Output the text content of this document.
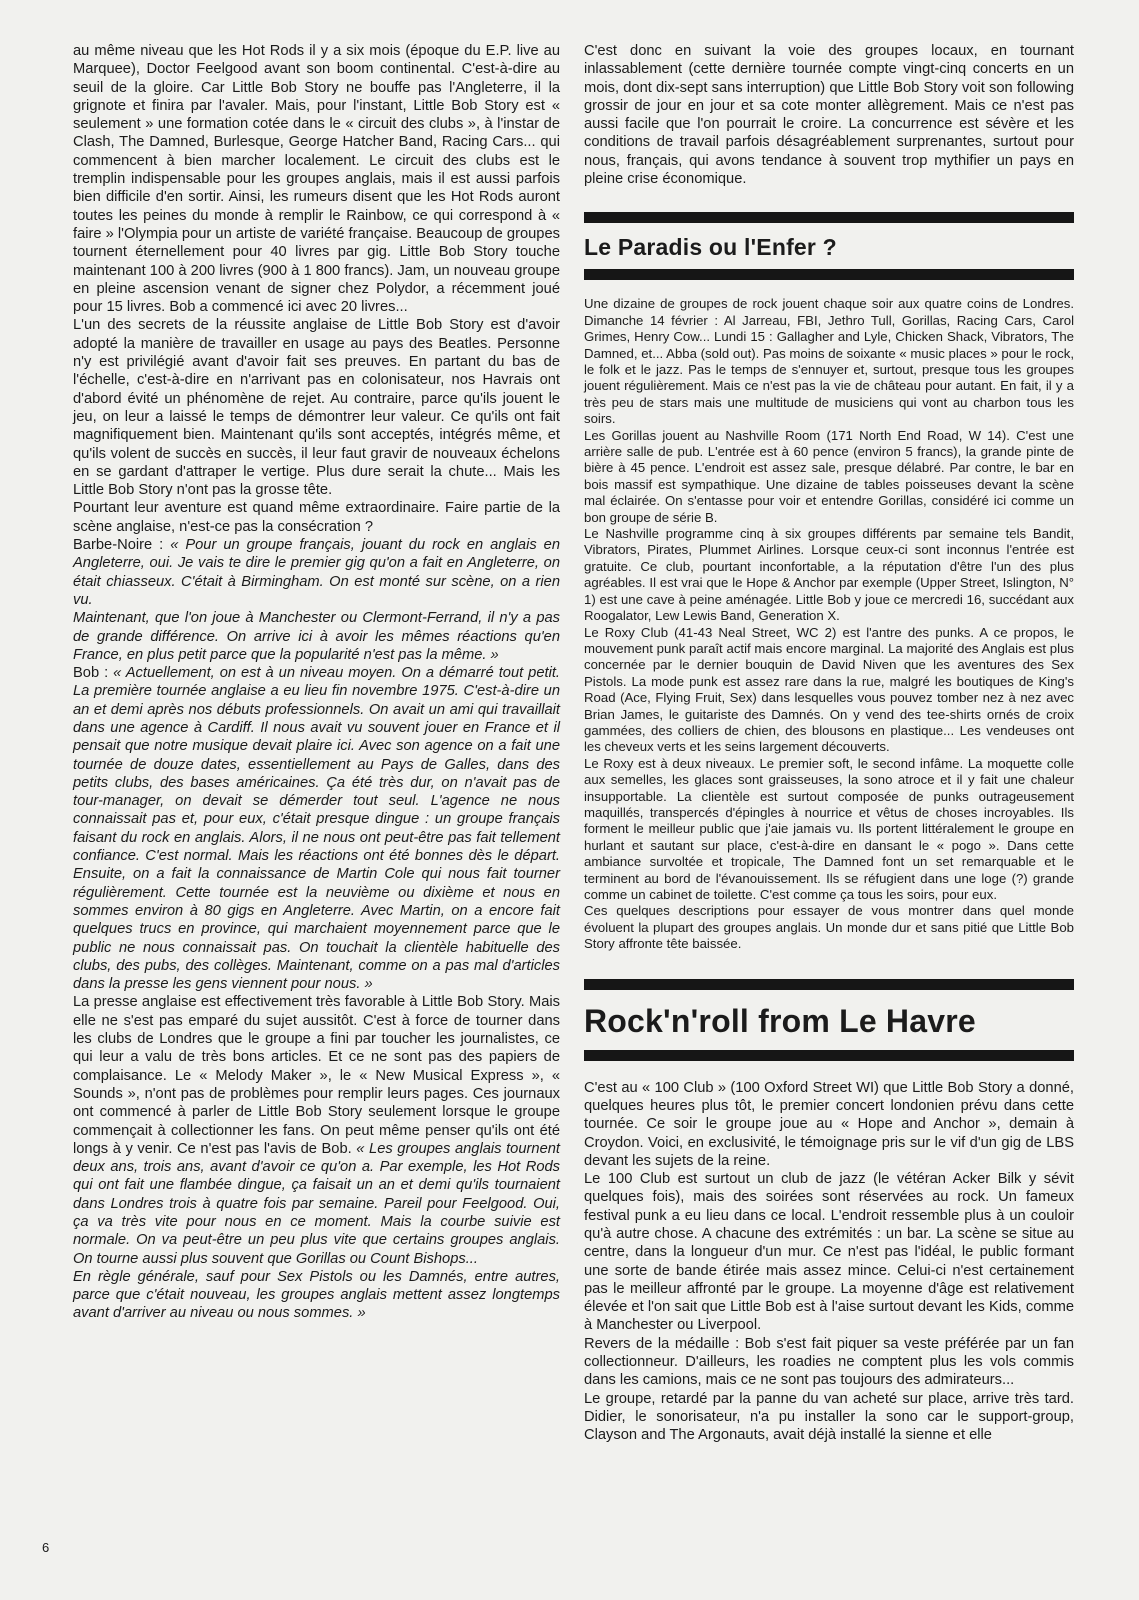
au même niveau que les Hot Rods il y a six mois (époque du E.P. live au Marquee), Doctor Feelgood avant son boom continental. C'est-à-dire au seuil de la gloire. Car Little Bob Story ne bouffe pas l'Angleterre, il la grignote et finira par l'avaler. Mais, pour l'instant, Little Bob Story est « seulement » une formation cotée dans le « circuit des clubs », à l'instar de Clash, The Damned, Burlesque, George Hatcher Band, Racing Cars... qui commencent à bien marcher localement. Le circuit des clubs est le tremplin indispensable pour les groupes anglais, mais il est aussi parfois bien difficile d'en sortir. Ainsi, les rumeurs disent que les Hot Rods auront toutes les peines du monde à remplir le Rainbow, ce qui correspond à « faire » l'Olympia pour un artiste de variété française. Beaucoup de groupes tournent éternellement pour 40 livres par gig. Little Bob Story touche maintenant 100 à 200 livres (900 à 1 800 francs). Jam, un nouveau groupe en pleine ascension venant de signer chez Polydor, a récemment joué pour 15 livres. Bob a commencé ici avec 20 livres...

L'un des secrets de la réussite anglaise de Little Bob Story est d'avoir adopté la manière de travailler en usage au pays des Beatles. Personne n'y est privilégié avant d'avoir fait ses preuves. En partant du bas de l'échelle, c'est-à-dire en n'arrivant pas en colonisateur, nos Havrais ont d'abord évité un phénomène de rejet. Au contraire, parce qu'ils jouent le jeu, on leur a laissé le temps de démontrer leur valeur. Ce qu'ils ont fait magnifiquement bien. Maintenant qu'ils sont acceptés, intégrés même, et qu'ils volent de succès en succès, il leur faut gravir de nouveaux échelons en se gardant d'attraper le vertige. Plus dure serait la chute... Mais les Little Bob Story n'ont pas la grosse tête.

Pourtant leur aventure est quand même extraordinaire. Faire partie de la scène anglaise, n'est-ce pas la consécration ?

Barbe-Noire : « Pour un groupe français, jouant du rock en anglais en Angleterre, oui. Je vais te dire le premier gig qu'on a fait en Angleterre, on était chiasseux. C'était à Birmingham. On est monté sur scène, on a rien vu.

Maintenant, que l'on joue à Manchester ou Clermont-Ferrand, il n'y a pas de grande différence. On arrive ici à avoir les mêmes réactions qu'en France, en plus petit parce que la popularité n'est pas la même. »

Bob : « Actuellement, on est à un niveau moyen. On a démarré tout petit. La première tournée anglaise a eu lieu fin novembre 1975. C'est-à-dire un an et demi après nos débuts professionnels. On avait un ami qui travaillait dans une agence à Cardiff. Il nous avait vu souvent jouer en France et il pensait que notre musique devait plaire ici. Avec son agence on a fait une tournée de douze dates, essentiellement au Pays de Galles, dans des petits clubs, des bases américaines. Ça été très dur, on n'avait pas de tour-manager, on devait se démerder tout seul. L'agence ne nous connaissait pas et, pour eux, c'était presque dingue : un groupe français faisant du rock en anglais. Alors, il ne nous ont peut-être pas fait tellement confiance. C'est normal. Mais les réactions ont été bonnes dès le départ. Ensuite, on a fait la connaissance de Martin Cole qui nous fait tourner régulièrement. Cette tournée est la neuvième ou dixième et nous en sommes environ à 80 gigs en Angleterre. Avec Martin, on a encore fait quelques trucs en province, qui marchaient moyennement parce que le public ne nous connaissait pas. On touchait la clientèle habituelle des clubs, des pubs, des collèges. Maintenant, comme on a pas mal d'articles dans la presse les gens viennent pour nous. »

La presse anglaise est effectivement très favorable à Little Bob Story. Mais elle ne s'est pas emparé du sujet aussitôt. C'est à force de tourner dans les clubs de Londres que le groupe a fini par toucher les journalistes, ce qui leur a valu de très bons articles. Et ce ne sont pas des papiers de complaisance. Le « Melody Maker », le « New Musical Express », « Sounds », n'ont pas de problèmes pour remplir leurs pages. Ces journaux ont commencé à parler de Little Bob Story seulement lorsque le groupe commençait à collectionner les fans. On peut même penser qu'ils ont été longs à y venir. Ce n'est pas l'avis de Bob. « Les groupes anglais tournent deux ans, trois ans, avant d'avoir ce qu'on a. Par exemple, les Hot Rods qui ont fait une flambée dingue, ça faisait un an et demi qu'ils tournaient dans Londres trois à quatre fois par semaine. Pareil pour Feelgood. Oui, ça va très vite pour nous en ce moment. Mais la courbe suivie est normale. On va peut-être un peu plus vite que certains groupes anglais. On tourne aussi plus souvent que Gorillas ou Count Bishops...

En règle générale, sauf pour Sex Pistols ou les Damnés, entre autres, parce que c'était nouveau, les groupes anglais mettent assez longtemps avant d'arriver au niveau ou nous sommes. »

C'est donc en suivant la voie des groupes locaux, en tournant inlassablement (cette dernière tournée compte vingt-cinq concerts en un mois, dont dix-sept sans interruption) que Little Bob Story voit son following grossir de jour en jour et sa cote monter allègrement. Mais ce n'est pas aussi facile que l'on pourrait le croire. La concurrence est sévère et les conditions de travail parfois désagréablement surprenantes, surtout pour nous, français, qui avons tendance à souvent trop mythifier un pays en pleine crise économique.

Le Paradis ou l'Enfer ?

Une dizaine de groupes de rock jouent chaque soir aux quatre coins de Londres. Dimanche 14 février : Al Jarreau, FBI, Jethro Tull, Gorillas, Racing Cars, Carol Grimes, Henry Cow... Lundi 15 : Gallagher and Lyle, Chicken Shack, Vibrators, The Damned, et... Abba (sold out). Pas moins de soixante « music places » pour le rock, le folk et le jazz. Pas le temps de s'ennuyer et, surtout, presque tous les groupes jouent régulièrement. Mais ce n'est pas la vie de château pour autant. En fait, il y a très peu de stars mais une multitude de musiciens qui vont au charbon tous les soirs.

Les Gorillas jouent au Nashville Room (171 North End Road, W 14). C'est une arrière salle de pub. L'entrée est à 60 pence (environ 5 francs), la grande pinte de bière à 45 pence. L'endroit est assez sale, presque délabré. Par contre, le bar en bois massif est sympathique. Une dizaine de tables poisseuses devant la scène mal éclairée. On s'entasse pour voir et entendre Gorillas, considéré ici comme un bon groupe de série B.

Le Nashville programme cinq à six groupes différents par semaine tels Bandit, Vibrators, Pirates, Plummet Airlines. Lorsque ceux-ci sont inconnus l'entrée est gratuite. Ce club, pourtant inconfortable, a la réputation d'être l'un des plus agréables. Il est vrai que le Hope & Anchor par exemple (Upper Street, Islington, N° 1) est une cave à peine aménagée. Little Bob y joue ce mercredi 16, succédant aux Roogalator, Lew Lewis Band, Generation X.

Le Roxy Club (41-43 Neal Street, WC 2) est l'antre des punks. A ce propos, le mouvement punk paraît actif mais encore marginal. La majorité des Anglais est plus concernée par le dernier bouquin de David Niven que les aventures des Sex Pistols. La mode punk est assez rare dans la rue, malgré les boutiques de King's Road (Ace, Flying Fruit, Sex) dans lesquelles vous pouvez tomber nez à nez avec Brian James, le guitariste des Damnés. On y vend des tee-shirts ornés de croix gammées, des colliers de chien, des blousons en plastique... Les vendeuses ont les cheveux verts et les seins largement découverts.

Le Roxy est à deux niveaux. Le premier soft, le second infâme. La moquette colle aux semelles, les glaces sont graisseuses, la sono atroce et il y fait une chaleur insupportable. La clientèle est surtout composée de punks outrageusement maquillés, transpercés d'épingles à nourrice et vêtus de choses incroyables. Ils forment le meilleur public que j'aie jamais vu. Ils portent littéralement le groupe en hurlant et sautant sur place, c'est-à-dire en dansant le « pogo ». Dans cette ambiance survoltée et tropicale, The Damned font un set remarquable et le terminent au bord de l'évanouissement. Ils se réfugient dans une loge (?) grande comme un cabinet de toilette. C'est comme ça tous les soirs, pour eux.

Ces quelques descriptions pour essayer de vous montrer dans quel monde évoluent la plupart des groupes anglais. Un monde dur et sans pitié que Little Bob Story affronte tête baissée.

Rock'n'roll from Le Havre

C'est au « 100 Club » (100 Oxford Street WI) que Little Bob Story a donné, quelques heures plus tôt, le premier concert londonien prévu dans cette tournée. Ce soir le groupe joue au « Hope and Anchor », demain à Croydon. Voici, en exclusivité, le témoignage pris sur le vif d'un gig de LBS devant les sujets de la reine.

Le 100 Club est surtout un club de jazz (le vétéran Acker Bilk y sévit quelques fois), mais des soirées sont réservées au rock. Un fameux festival punk a eu lieu dans ce local. L'endroit ressemble plus à un couloir qu'à autre chose. A chacune des extrémités : un bar. La scène se situe au centre, dans la longueur d'un mur. Ce n'est pas l'idéal, le public formant une sorte de bande étirée mais assez mince. Celui-ci n'est certainement pas le meilleur affronté par le groupe. La moyenne d'âge est relativement élevée et l'on sait que Little Bob est à l'aise surtout devant les Kids, comme à Manchester ou Liverpool.

Revers de la médaille : Bob s'est fait piquer sa veste préférée par un fan collectionneur. D'ailleurs, les roadies ne comptent plus les vols commis dans les camions, mais ce ne sont pas toujours des admirateurs...

Le groupe, retardé par la panne du van acheté sur place, arrive très tard. Didier, le sonorisateur, n'a pu installer la sono car le support-group, Clayson and The Argonauts, avait déjà installé la sienne et elle

6
